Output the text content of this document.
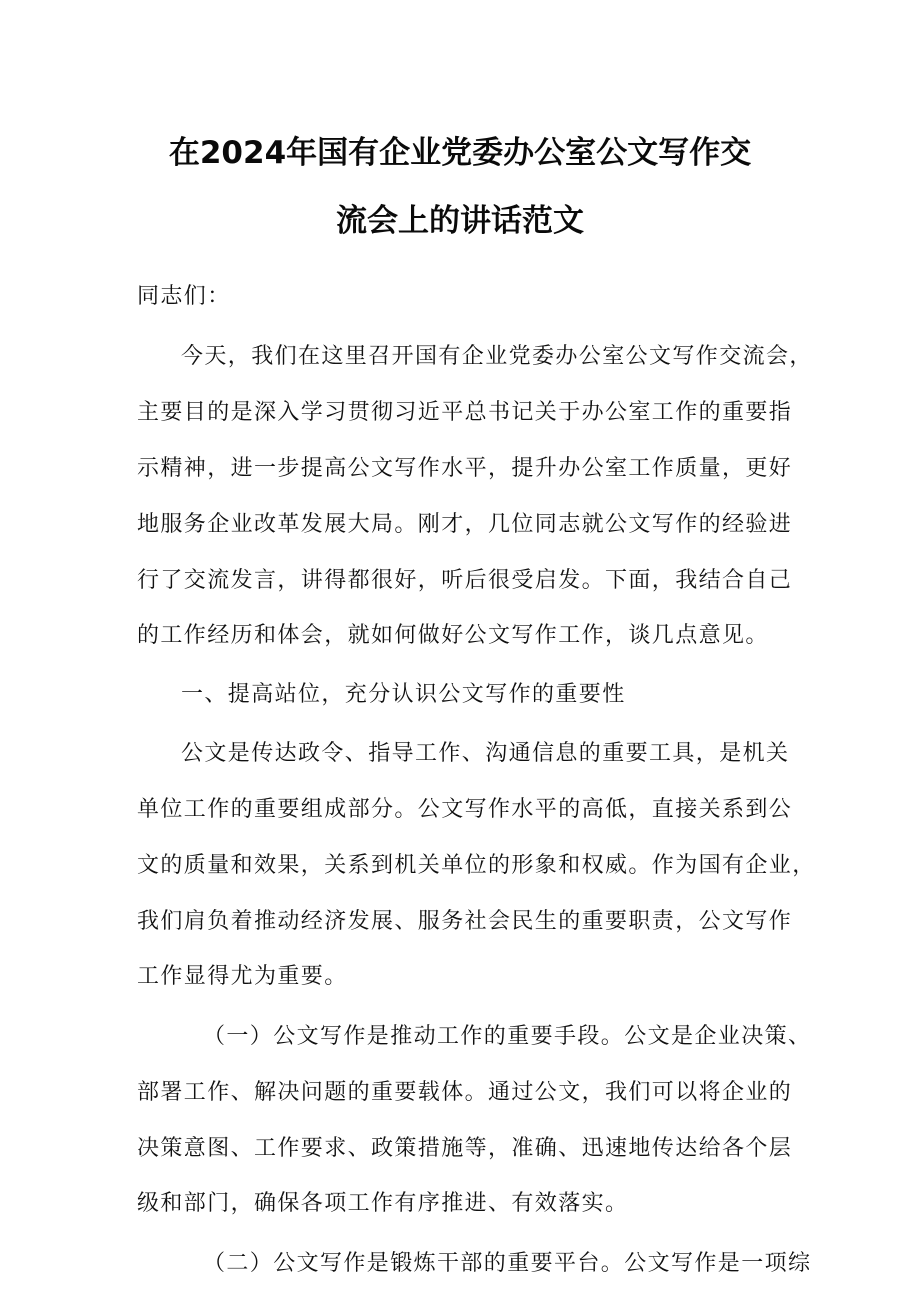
在2024年国有企业党委办公室公文写作交
流会上的讲话范文
同志们：
今天，我们在这里召开国有企业党委办公室公文写作交流会，
主要目的是深入学习贯彻习近平总书记关于办公室工作的重要指
示精神，进一步提高公文写作水平，提升办公室工作质量，更好
地服务企业改革发展大局。刚才，几位同志就公文写作的经验进
行了交流发言，讲得都很好，听后很受启发。下面，我结合自己
的工作经历和体会，就如何做好公文写作工作，谈几点意见。
一、提高站位，充分认识公文写作的重要性
公文是传达政令、指导工作、沟通信息的重要工具，是机关
单位工作的重要组成部分。公文写作水平的高低，直接关系到公
文的质量和效果，关系到机关单位的形象和权威。作为国有企业，
我们肩负着推动经济发展、服务社会民生的重要职责，公文写作
工作显得尤为重要。
（一）公文写作是推动工作的重要手段。公文是企业决策、
部署工作、解决问题的重要载体。通过公文，我们可以将企业的
决策意图、工作要求、政策措施等，准确、迅速地传达给各个层
级和部门，确保各项工作有序推进、有效落实。
（二）公文写作是锻炼干部的重要平台。公文写作是一项综
